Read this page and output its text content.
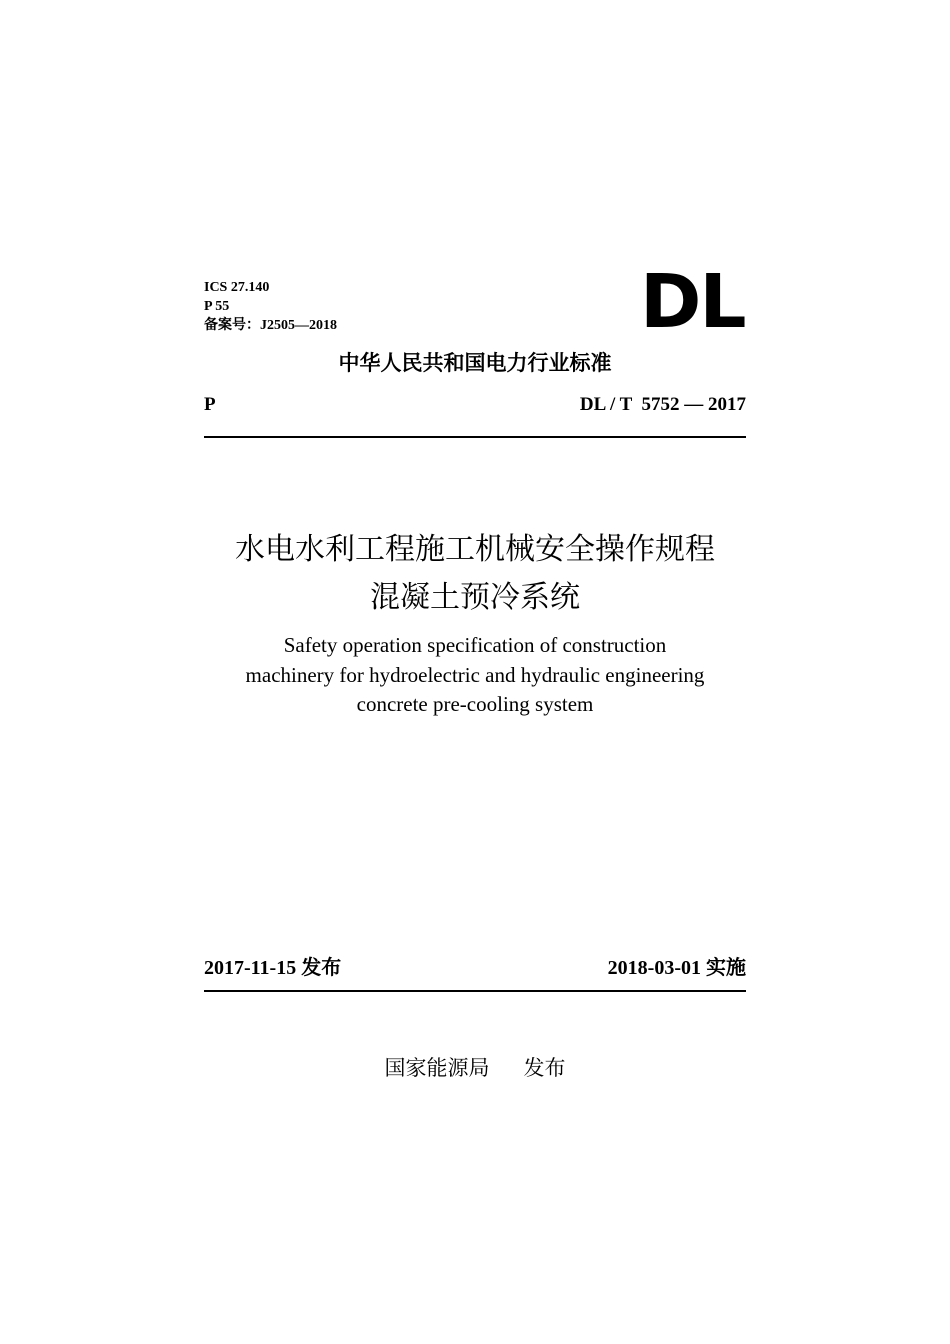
ICS 27.140
P 55
备案号：J2505—2018	DL
中华人民共和国电力行业标准
P	DL / T  5752 — 2017
水电水利工程施工机械安全操作规程
混凝土预冷系统
Safety operation specification of construction
machinery for hydroelectric and hydraulic engineering
concrete pre-cooling system
2017-11-15 发布	2018-03-01 实施
国家能源局 发布
